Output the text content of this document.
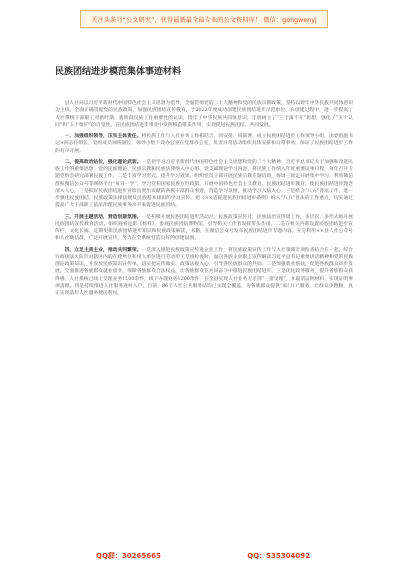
关注头条号“公文研究”，获得最新最全最专业的公文资料库！ 微信：gongwenyj
民族团结进步模范集体事迹材料

县人社局以习近平新时代中国特色社会主义思想为指导，全面贯彻党的二十大精神和党的民族宗教政策，坚持以铸牢中华民族共同体意识为主线，全面正确贯彻党的民族政策，加强民族团结宣传教育，于2022年度成功创建民族团结进步示范单位，在创建过程中，进一步提高了人社系统干部职工对新时期、新阶段民族工作重要性的认识，铸牢了中华民族共同体意识，牢固树立了“三个离不开”思想，强化了“五个认同”和“五个维护”的自觉性，在民族团结进步事业中发挥模范带头作用，实现促进民族团结、共同发展。

一、加强组织领导，压实主体责任。将民族工作与人社业务工作相结合，同安排、同部署，成立民族团结进步工作领导小组，由党组副书记×同志任组长，党组成员领班副长、领导小组下设办公室在党群办公室，负责日常活动组织具体安排和日常事务，保证了民族团结进步工作的有序开展。

二、提高政治站位，强化理论武装。一是把学习习近平新时代中国特色社会主义思想和党的二十大精神、习近平总书记关于加强和改进民族工作的重要思想、党的民族理论、民族宗教和民族法律纳入中心组、党支部理论学习内容，将民族工作纳入年度重要议事日程，每年召开专题党组会研究部署民族工作。二是丰富学习形式，提升学习效果。组织党员干部开展民族宗教专题培训，每周三固定开展集中学习，利用微信群和微信公众号等网络平台“每日一学”，学习党和国家民族方针政策，开展中国特色社会主义教育、民族团结进步教育，使民族团结进步理念深入人心。三是抓好民族团结进步业绩出突出贡献的各族干部群众事迹，营造学习氛围，推动学习入脑入心。三是结合“八五”普法工作，进一步强化民族团结、民族政策法律法规及民族基本知识的学习宣传，把《××省促进民族团结进步条例》纳入“八五”普法的工作重点，切实通过提高广大干部职工依法治理民族事务水平来促进民族团结。

三、开展主题活动，营造创建氛围。一是积极开展民族团结进步活动月，民族政策宣传月，民族法治宣传周工作，多层次、多形式地开展民族团结宣传教育活动，组织观看电影《榜样》，参观民族团结博物馆，引导机关工作者发挥带头作用。二是在机关内部设置民族团结进步宣传栏，文化长廊，定期更新民族团结进步知识和民族政策解读，书籍，在微信公众号发布民族团结进步专题内容，充分利用××县人社公众号和人社微信群，广泛开展宣传，努力在全系统营造良好的创建氛围。

四、立足主责主业，推动共同繁荣。一是深入推进民族政策宣传进企业工作，将民族政策宣传工作与人社领域专项检查结合在一起，综合行政执法大队针对辖区内的在建单位和用人单位进行劳动用工专项检查时，面向各族企业职工宣传解读习近平总书记重要讲话精神和党的民族理论政策知识，并发放民族知识宣传单，切实把宣传做实、政策法规入心，引导各民族群众的共同。二是加强就业帮扶，促进各族群众同步发展，全面推进各族群众就业创业，保障各族群众合法权益，让各族群众在共同奋斗中推进民族团结进步。三是优化政务服务，提升各族群众获得感。人社系统已线上受理业务1100余件，线下办理业务1200余件，在全县实现人社业务无差别“一窗受理”，并取消证明材料，实现证明事项清理。四是持续推进人社服务进村入户，目前，86个人社公共服务站均已实现全覆盖，为各族群众提供“家门口”服务，让群众少跑腿，真正实现基层人社服务便民利民。

QQ群：30265665	QQ：535304092
